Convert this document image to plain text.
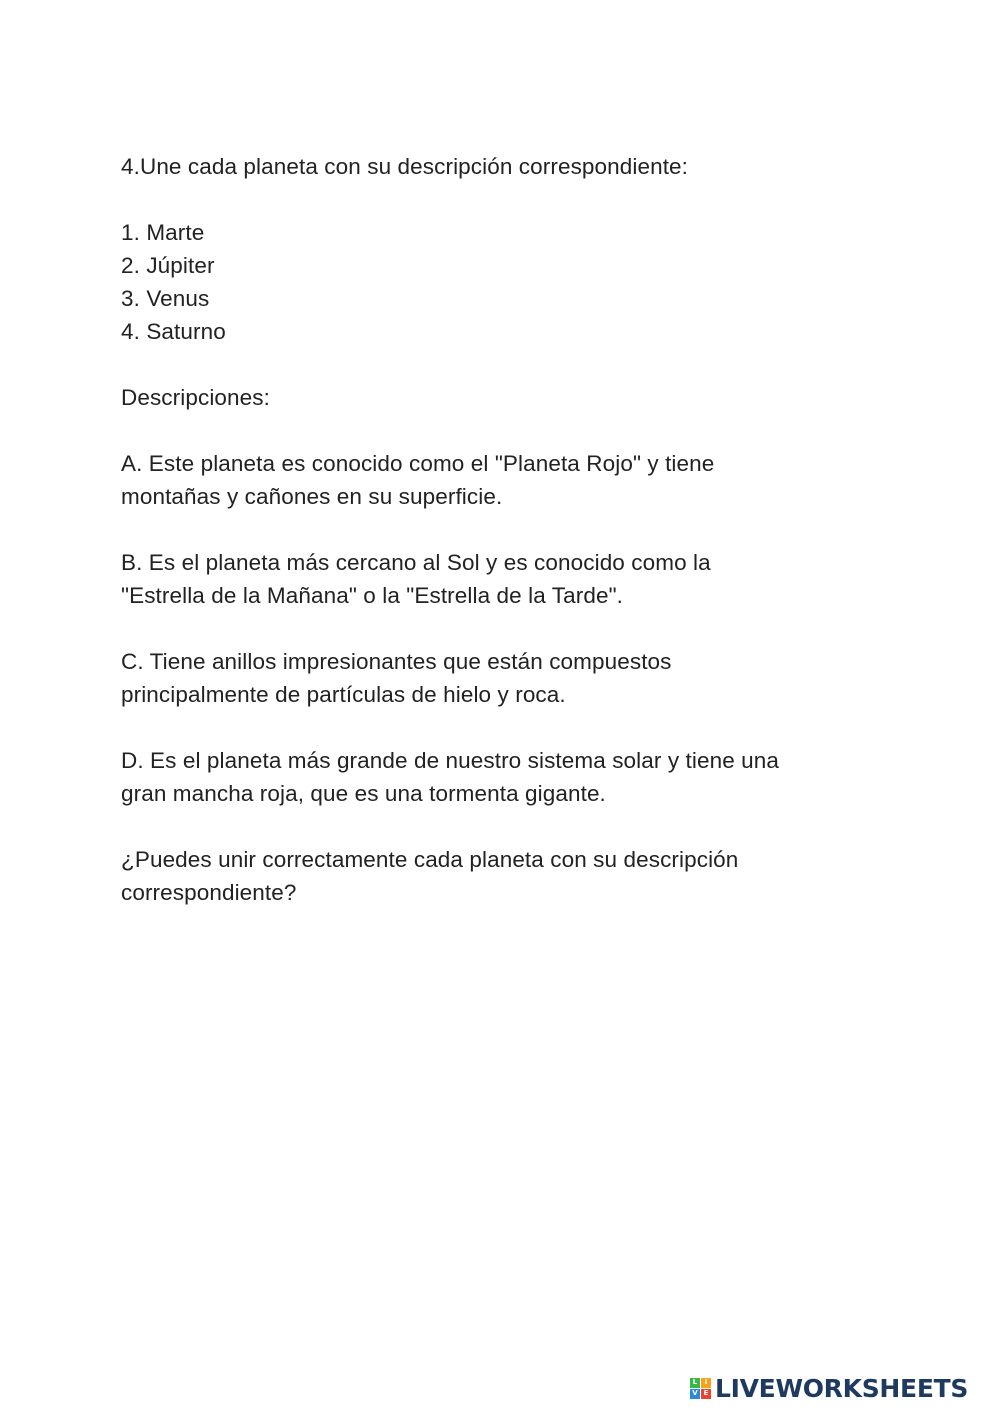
4.Une cada planeta con su descripción correspondiente:
1. Marte
2. Júpiter
3. Venus
4. Saturno
Descripciones:
A. Este planeta es conocido como el "Planeta Rojo" y tiene
montañas y cañones en su superficie.
B. Es el planeta más cercano al Sol y es conocido como la
"Estrella de la Mañana" o la "Estrella de la Tarde".
C. Tiene anillos impresionantes que están compuestos
principalmente de partículas de hielo y roca.
D. Es el planeta más grande de nuestro sistema solar y tiene una
gran mancha roja, que es una tormenta gigante.
¿Puedes unir correctamente cada planeta con su descripción
correspondiente?
L	I
V E LIVEWORKSHEETS
